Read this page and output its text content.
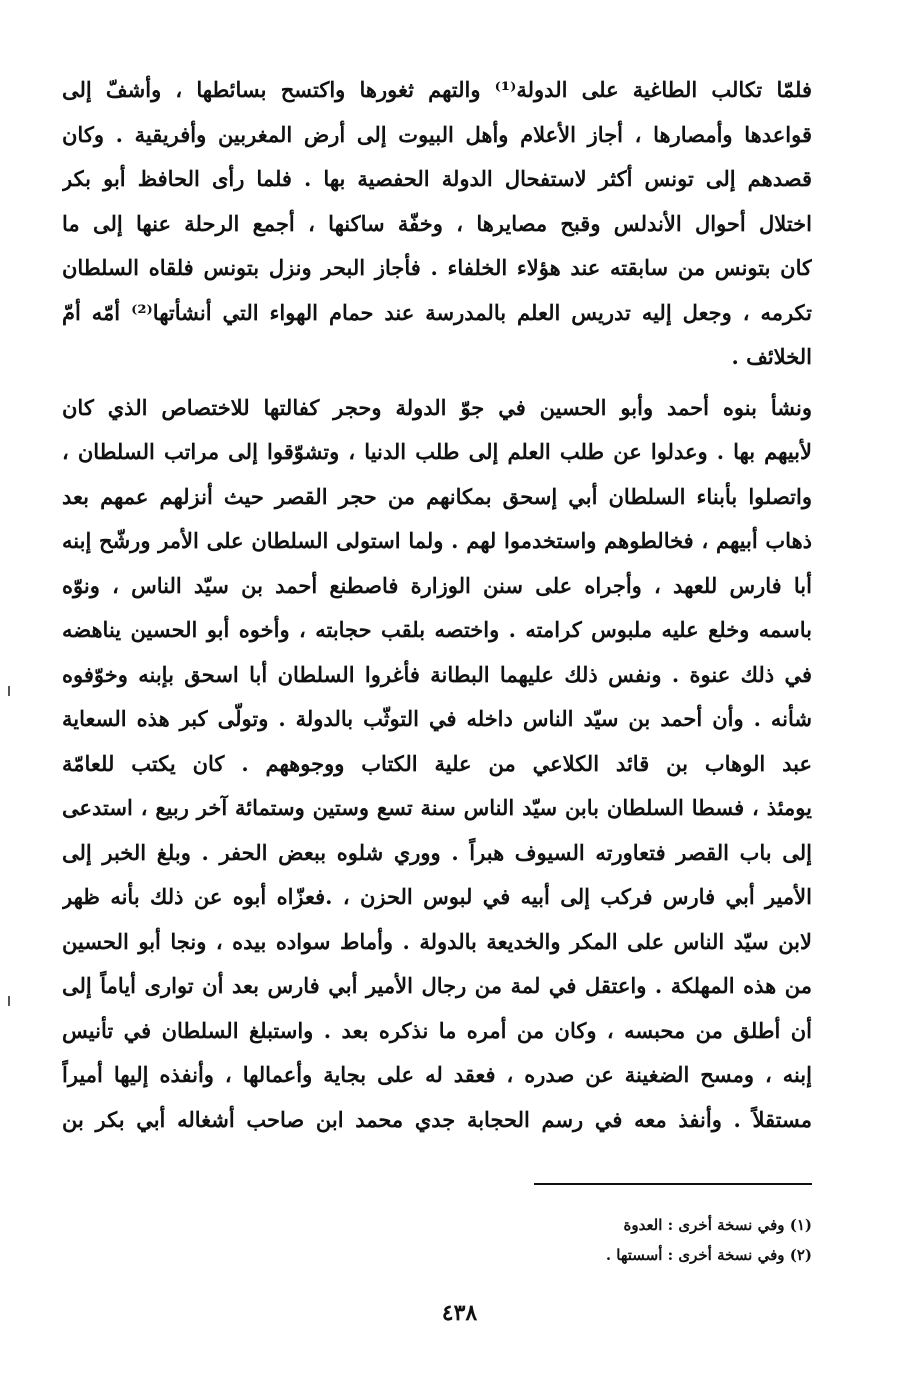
فلمّا تكالب الطاغية على الدولة⁽¹⁾ والتهم ثغورها واكتسح بسائطها ، وأشفّ إلى
قواعدها وأمصارها ، أجاز الأعلام وأهل البيوت إلى أرض المغربين وأفريقية . وكان
قصدهم إلى تونس أكثر لاستفحال الدولة الحفصية بها . فلما رأى الحافظ أبو بكر
اختلال أحوال الأندلس وقبح مصايرها ، وخفّة ساكنها ، أجمع الرحلة عنها إلى ما
كان بتونس من سابقته عند هؤلاء الخلفاء . فأجاز البحر ونزل بتونس فلقاه السلطان
تكرمه ، وجعل إليه تدريس العلم بالمدرسة عند حمام الهواء التي أنشأتها⁽²⁾ أمّه أمّ
الخلائف .
ونشأ بنوه أحمد وأبو الحسين في جوّ الدولة وحجر كفالتها للاختصاص الذي كان
لأبيهم بها . وعدلوا عن طلب العلم إلى طلب الدنيا ، وتشوّقوا إلى مراتب السلطان ،
واتصلوا بأبناء السلطان أبي إسحق بمكانهم من حجر القصر حيث أنزلهم عمهم بعد
ذهاب أبيهم ، فخالطوهم واستخدموا لهم . ولما استولى السلطان على الأمر ورشّح إبنه
أبا فارس للعهد ، وأجراه على سنن الوزارة فاصطنع أحمد بن سيّد الناس ، ونوّه
باسمه وخلع عليه ملبوس كرامته . واختصه بلقب حجابته ، وأخوه أبو الحسين يناهضه
في ذلك عنوة . ونفس ذلك عليهما البطانة فأغروا السلطان أبا اسحق بإبنه وخوّفوه
شأنه . وأن أحمد بن سيّد الناس داخله في التوثّب بالدولة . وتولّى كبر هذه السعاية
عبد الوهاب بن قائد الكلاعي من علية الكتاب ووجوههم . كان يكتب للعامّة
يومئذ ، فسطا السلطان بابن سيّد الناس سنة تسع وستين وستمائة آخر ربيع ، استدعى
إلى باب القصر فتعاورته السيوف هبراً . ووري شلوه ببعض الحفر . وبلغ الخبر إلى
الأمير أبي فارس فركب إلى أبيه في لبوس الحزن ، .فعزّاه أبوه عن ذلك بأنه ظهر
لابن سيّد الناس على المكر والخديعة بالدولة . وأماط سواده بيده ، ونجا أبو الحسين
من هذه المهلكة . واعتقل في لمة من رجال الأمير أبي فارس بعد أن توارى أياماً إلى
أن أطلق من محبسه ، وكان من أمره ما نذكره بعد . واستبلغ السلطان في تأنيس
إبنه ، ومسح الضغينة عن صدره ، فعقد له على بجاية وأعمالها ، وأنفذه إليها أميراً
مستقلاً . وأنفذ معه في رسم الحجابة جدي محمد ابن صاحب أشغاله أبي بكر بن
(١) وفي نسخة أخرى : العدوة
(٢) وفي نسخة أخرى : أسستها .
٤٣٨
